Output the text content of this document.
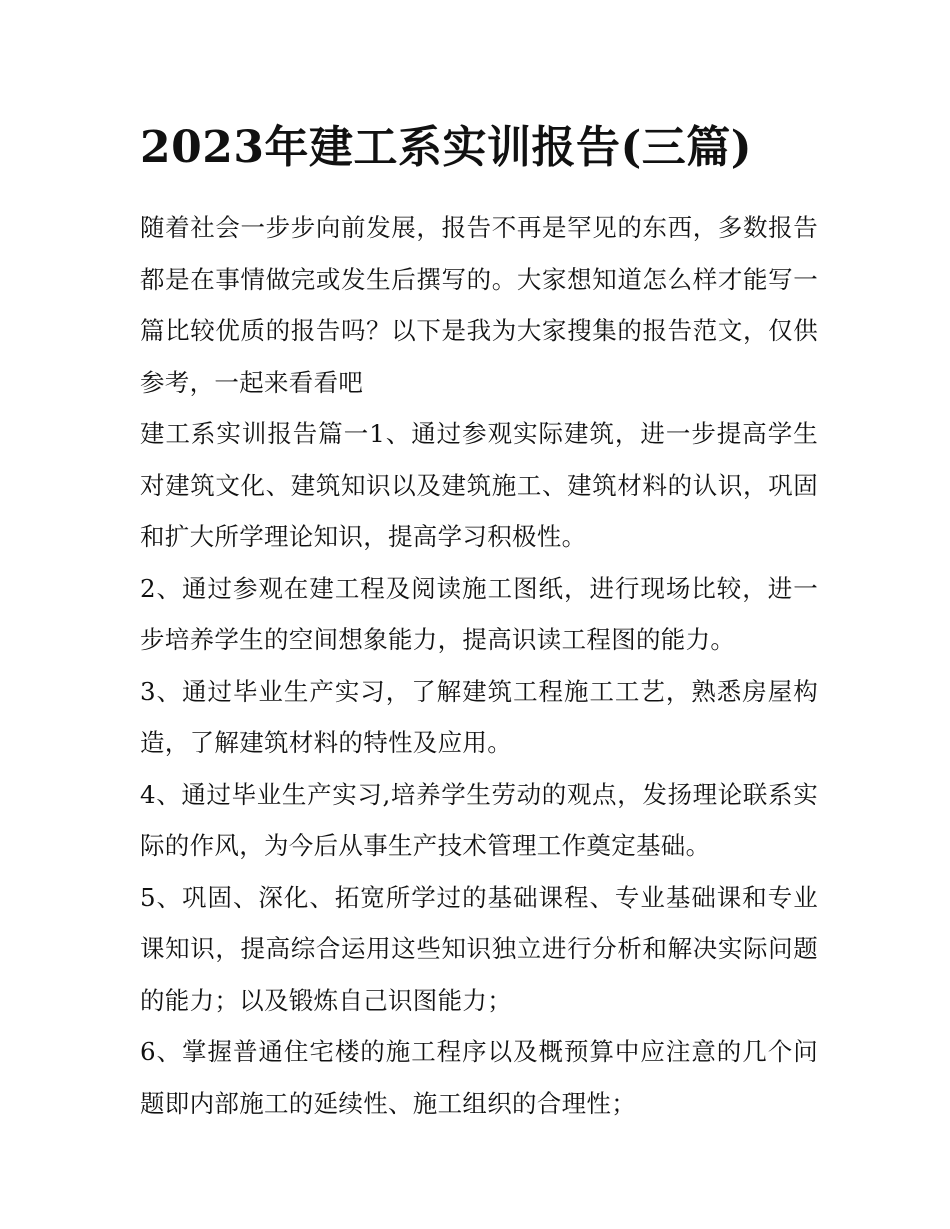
2023年建工系实训报告(三篇)

随着社会一步步向前发展，报告不再是罕见的东西，多数报告都是在事情做完或发生后撰写的。大家想知道怎么样才能写一篇比较优质的报告吗？以下是我为大家搜集的报告范文，仅供参考，一起来看看吧

建工系实训报告篇一1、通过参观实际建筑，进一步提高学生对建筑文化、建筑知识以及建筑施工、建筑材料的认识，巩固和扩大所学理论知识，提高学习积极性。

2、通过参观在建工程及阅读施工图纸，进行现场比较，进一步培养学生的空间想象能力，提高识读工程图的能力。

3、通过毕业生产实习，了解建筑工程施工工艺，熟悉房屋构造，了解建筑材料的特性及应用。

4、通过毕业生产实习,培养学生劳动的观点，发扬理论联系实际的作风，为今后从事生产技术管理工作奠定基础。

5、巩固、深化、拓宽所学过的基础课程、专业基础课和专业课知识，提高综合运用这些知识独立进行分析和解决实际问题的能力；以及锻炼自己识图能力；

6、掌握普通住宅楼的施工程序以及概预算中应注意的几个问题即内部施工的延续性、施工组织的合理性；
